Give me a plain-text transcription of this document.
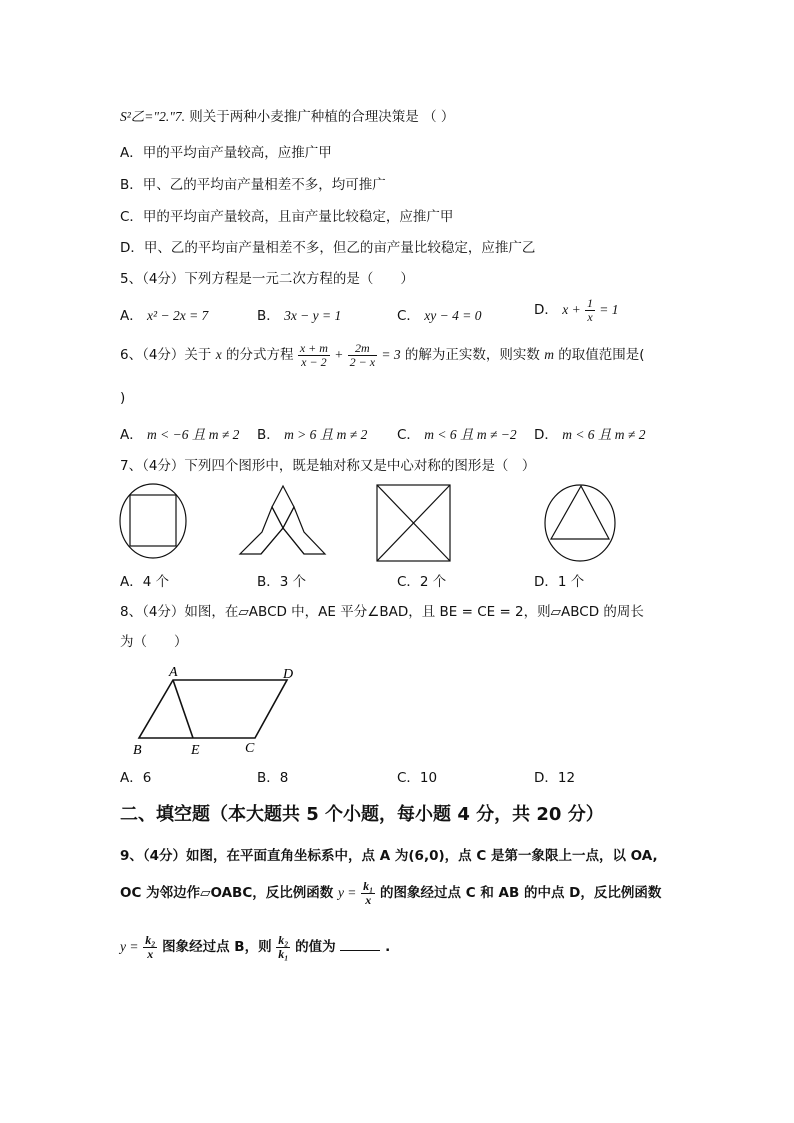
S²乙="2."7. 则关于两种小麦推广种植的合理决策是 （ ）
A．甲的平均亩产量较高，应推广甲
B．甲、乙的平均亩产量相差不多，均可推广
C．甲的平均亩产量较高，且亩产量比较稳定，应推广甲
D．甲、乙的平均亩产量相差不多，但乙的亩产量比较稳定，应推广乙
5、（4分）下列方程是一元二次方程的是（　　）
A． x² − 2x = 7	B． 3x − y = 1	C． xy − 4 = 0	D． $x + \frac{1}{x} = 1$
6、（4分）关于 x 的分式方程 $\frac{x + m}{x - 2} + \frac{2m}{2 - x} = 3$ 的解为正实数，则实数 m 的取值范围是(
)
A． m < −6 且 m ≠ 2 B． m > 6 且 m ≠ 2 C． m < 6 且 m ≠ −2 D． m < 6 且 m ≠ 2
7、（4分）下列四个图形中，既是轴对称又是中心对称的图形是（　）
A．4 个	B．3 个	C．2 个	D．1 个
8、（4分）如图，在▱ABCD 中，AE 平分∠BAD，且 BE = CE = 2，则▱ABCD 的周长
为（　　）
A	D
B	E	C
A．6	B．8	C．10	D．12
二、填空题（本大题共 5 个小题，每小题 4 分，共 20 分）
9、（4分）如图，在平面直角坐标系中，点 A 为(6,0)，点 C 是第一象限上一点，以 OA,
OC 为邻边作▱OABC，反比例函数 $y = \frac{\text{k₁}}{x}$ 的图象经过点 C 和 AB 的中点 D，反比例函数
$y = \frac{\text{k₂}}{x}$ 图象经过点 B，则 $\frac{\text{k₂}}{\text{k₁}}$ 的值为	.
